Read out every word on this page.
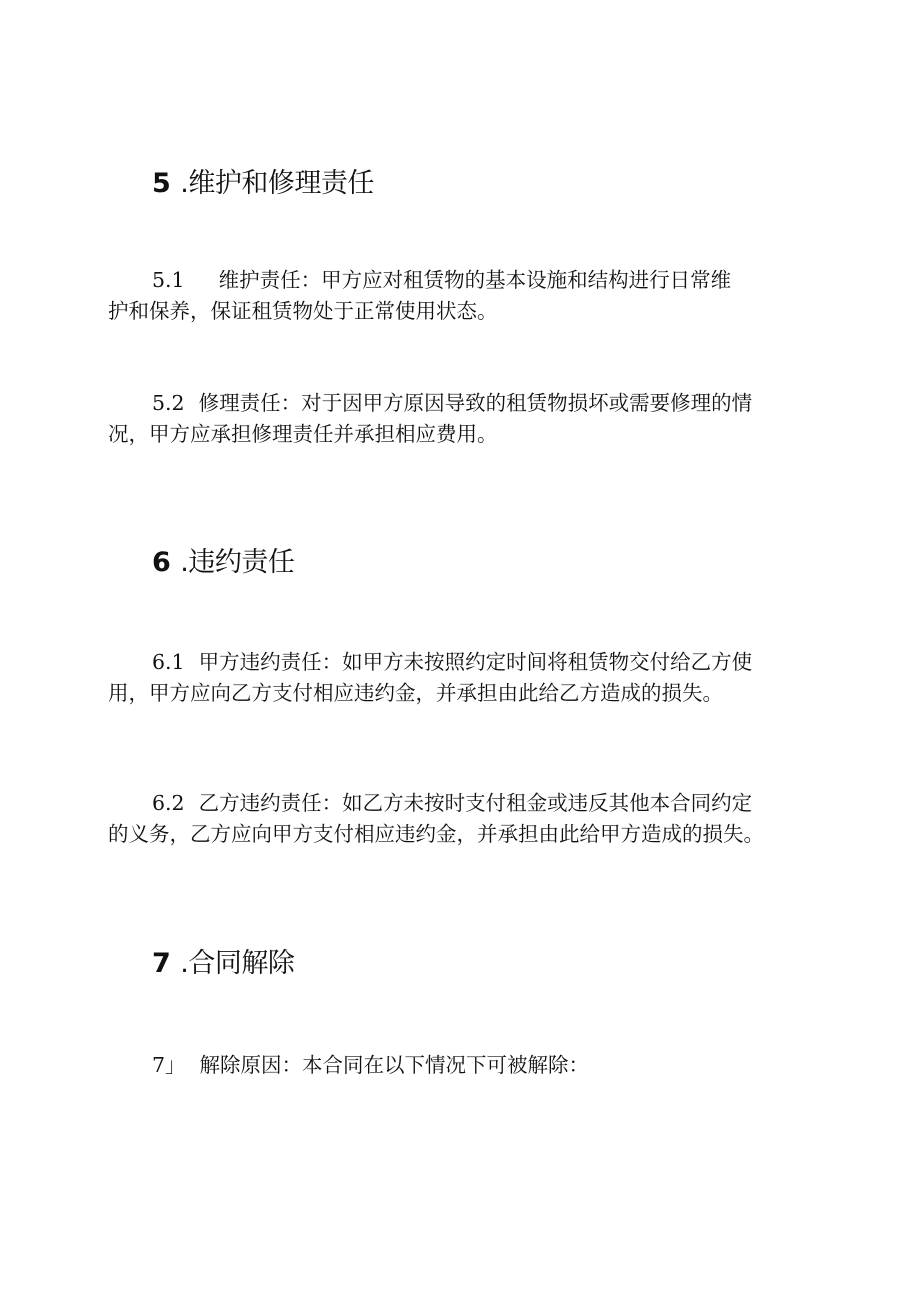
5 .维护和修理责任

5.1 维护责任：甲方应对租赁物的基本设施和结构进行日常维
护和保养，保证租赁物处于正常使用状态。

5.2 修理责任：对于因甲方原因导致的租赁物损坏或需要修理的情
况，甲方应承担修理责任并承担相应费用。

6 .违约责任

6.1 甲方违约责任：如甲方未按照约定时间将租赁物交付给乙方使
用，甲方应向乙方支付相应违约金，并承担由此给乙方造成的损失。

6.2 乙方违约责任：如乙方未按时支付租金或违反其他本合同约定
的义务，乙方应向甲方支付相应违约金，并承担由此给甲方造成的损失。

7 .合同解除

7」 解除原因：本合同在以下情况下可被解除：
